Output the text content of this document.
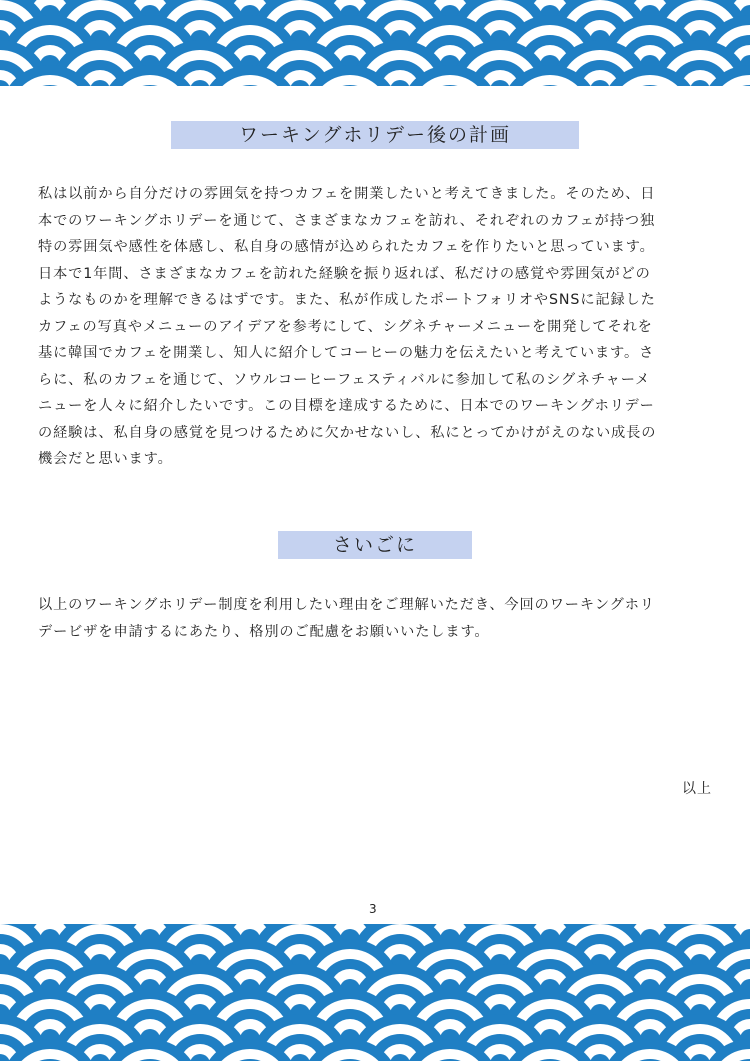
ワーキングホリデー後の計画
私は以前から自分だけの雰囲気を持つカフェを開業したいと考えてきました。そのため、日
本でのワーキングホリデーを通じて、さまざまなカフェを訪れ、それぞれのカフェが持つ独
特の雰囲気や感性を体感し、私自身の感情が込められたカフェを作りたいと思っています。
日本で1年間、さまざまなカフェを訪れた経験を振り返れば、私だけの感覚や雰囲気がどの
ようなものかを理解できるはずです。また、私が作成したポートフォリオやSNSに記録した
カフェの写真やメニューのアイデアを参考にして、シグネチャーメニューを開発してそれを
基に韓国でカフェを開業し、知人に紹介してコーヒーの魅力を伝えたいと考えています。さ
らに、私のカフェを通じて、ソウルコーヒーフェスティバルに参加して私のシグネチャーメ
ニューを人々に紹介したいです。この目標を達成するために、日本でのワーキングホリデー
の経験は、私自身の感覚を見つけるために欠かせないし、私にとってかけがえのない成長の
機会だと思います。
さいごに
以上のワーキングホリデー制度を利用したい理由をご理解いただき、今回のワーキングホリ
デービザを申請するにあたり、格別のご配慮をお願いいたします。
以上
3
